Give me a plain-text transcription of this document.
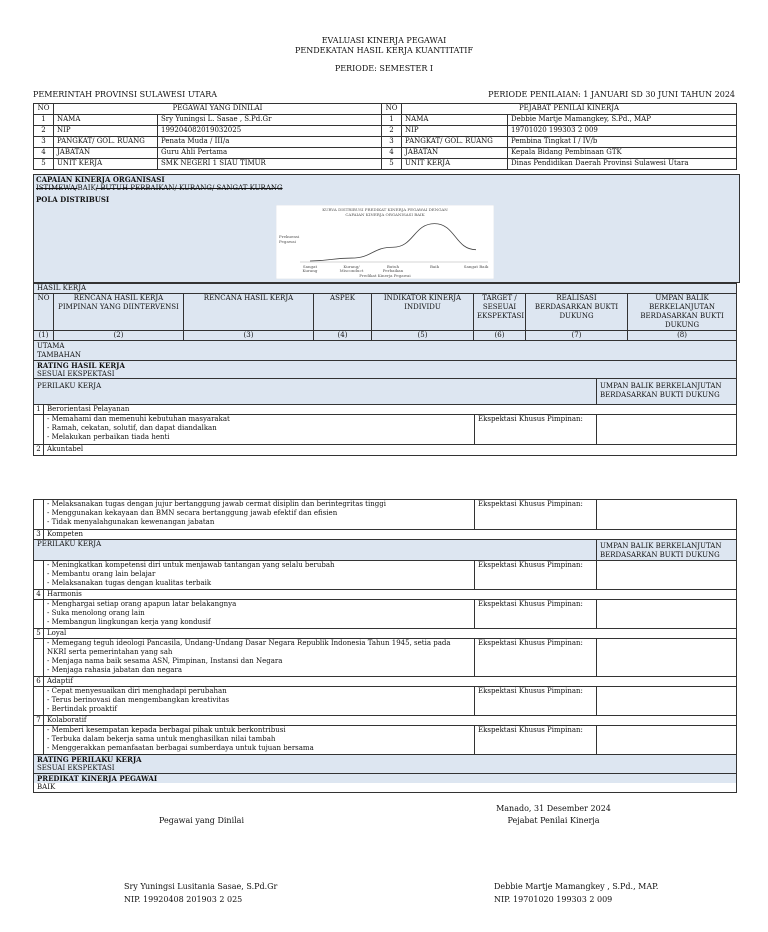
EVALUASI KINERJA PEGAWAI
PENDEKATAN HASIL KERJA KUANTITATIF
PERIODE: SEMESTER I
PEMERINTAH PROVINSI SULAWESI UTARA	PERIODE PENILAIAN: 1 JANUARI SD 30 JUNI TAHUN 2024
NO	PEGAWAI YANG DINILAI		NO	PEJABAT PENILAI KINERJA	
1	NAMA	Sry Yuningsi L. Sasae , S.Pd.Gr	1	NAMA	Debbie Martje Mamangkey, S.Pd., MAP
2	NIP	199204082019032025	2	NIP	19701020 199303 2 009
3	PANGKAT/ GOL. RUANG	Penata Muda / III/a	3	PANGKAT/ GOL. RUANG	Pembina Tingkat I / IV/b
4	JABATAN	Guru Ahli Pertama	4	JABATAN	Kepala Bidang Pembinaan GTK
5	UNIT KERJA	SMK NEGERI 1 SIAU TIMUR	5	UNIT KERJA	Dinas Pendidikan Daerah Provinsi Sulawesi Utara
CAPAIAN KINERJA ORGANISASI
ISTIMEWA/BAIK/ BUTUH PERBAIKAN/ KURANG/ SANGAT KURANG
POLA DISTRIBUSI
KURVA DISTRIBUSI PREDIKAT KINERJA PEGAWAI DENGAN
CAPAIAN KINERJA ORGANISASI BAIK
Prekuensi
Pegawai
Sangat
Kurang
Kurang/
Misconduct
Butuh
Perbaikan
Baik	Sangat Baik
Predikat Kinerja Pegawai
HASIL KERJA							
NO	RENCANA HASIL KERJA PIMPINAN YANG DIINTERVENSI	RENCANA HASIL KERJA	ASPEK	INDIKATOR KINERJA INDIVIDU	TARGET / SESEUAI EKSPEKTASI	REALISASI BERDASARKAN BUKTI DUKUNG	UMPAN BALIK BERKELANJUTAN BERDASARKAN BUKTI DUKUNG
(1)	(2)	(3)	(4)	(5)	(6)	(7)	(8)

UTAMA
TAMBAHAN							

RATING HASIL KERJA
SESUAI EKSPEKTASI							
PERILAKU KERJA			UMPAN BALIK BERKELANJUTAN
BERDASARKAN BUKTI DUKUNG

1	Berorientasi Pelayanan		

	- Memahami dan memenuhi kebutuhan masyarakat
- Ramah, cekatan, solutif, dan dapat diandalkan
- Melakukan perbaikan tiada henti	Ekspektasi Khusus Pimpinan:	
2	Akuntabel		

	- Melaksanakan tugas dengan jujur bertanggung jawab cermat disiplin dan berintegritas tinggi
- Menggunakan kekayaan dan BMN secara bertanggung jawab efektif dan efisien
- Tidak menyalahgunakan kewenangan jabatan	Ekspektasi Khusus Pimpinan:	
3	Kompeten		
PERILAKU KERJA			UMPAN BALIK BERKELANJUTAN
BERDASARKAN BUKTI DUKUNG

	- Meningkatkan kompetensi diri untuk menjawab tantangan yang selalu berubah
- Membantu orang lain belajar
- Melaksanakan tugas dengan kualitas terbaik	Ekspektasi Khusus Pimpinan:	
4	Harmonis		

	- Menghargai setiap orang apapun latar belakangnya
- Suka menolong orang lain
- Membangun lingkungan kerja yang kondusif	Ekspektasi Khusus Pimpinan:	
5	Loyal		

	- Memegang teguh ideologi Pancasila, Undang-Undang Dasar Negara Republik Indonesia Tahun 1945, setia pada
NKRI serta pemerintahan yang sah
- Menjaga nama baik sesama ASN, Pimpinan, Instansi dan Negara
- Menjaga rahasia jabatan dan negara	Ekspektasi Khusus Pimpinan:	
6	Adaptif		

	- Cepat menyesuaikan diri menghadapi perubahan
- Terus berinovasi dan mengembangkan kreativitas
- Bertindak proaktif	Ekspektasi Khusus Pimpinan:	
7	Kolaboratif		

	- Memberi kesempatan kepada berbagai pihak untuk berkontribusi
- Terbuka dalam bekerja sama untuk menghasilkan nilai tambah
- Menggerakkan pemanfaatan berbagai sumberdaya untuk tujuan bersama	Ekspektasi Khusus Pimpinan:	

RATING PERILAKU KERJA
SESUAI EKSPEKTASI			

PREDIKAT KINERJA PEGAWAI
BAIK			
Manado, 31 Desember 2024
Pegawai yang Dinilai	Pejabat Penilai Kinerja
Sry Yuningsi Lusitania Sasae, S.Pd.Gr
NIP. 19920408 201903 2 025
Debbie Martje Mamangkey , S.Pd., MAP.
NIP. 19701020 199303 2 009
